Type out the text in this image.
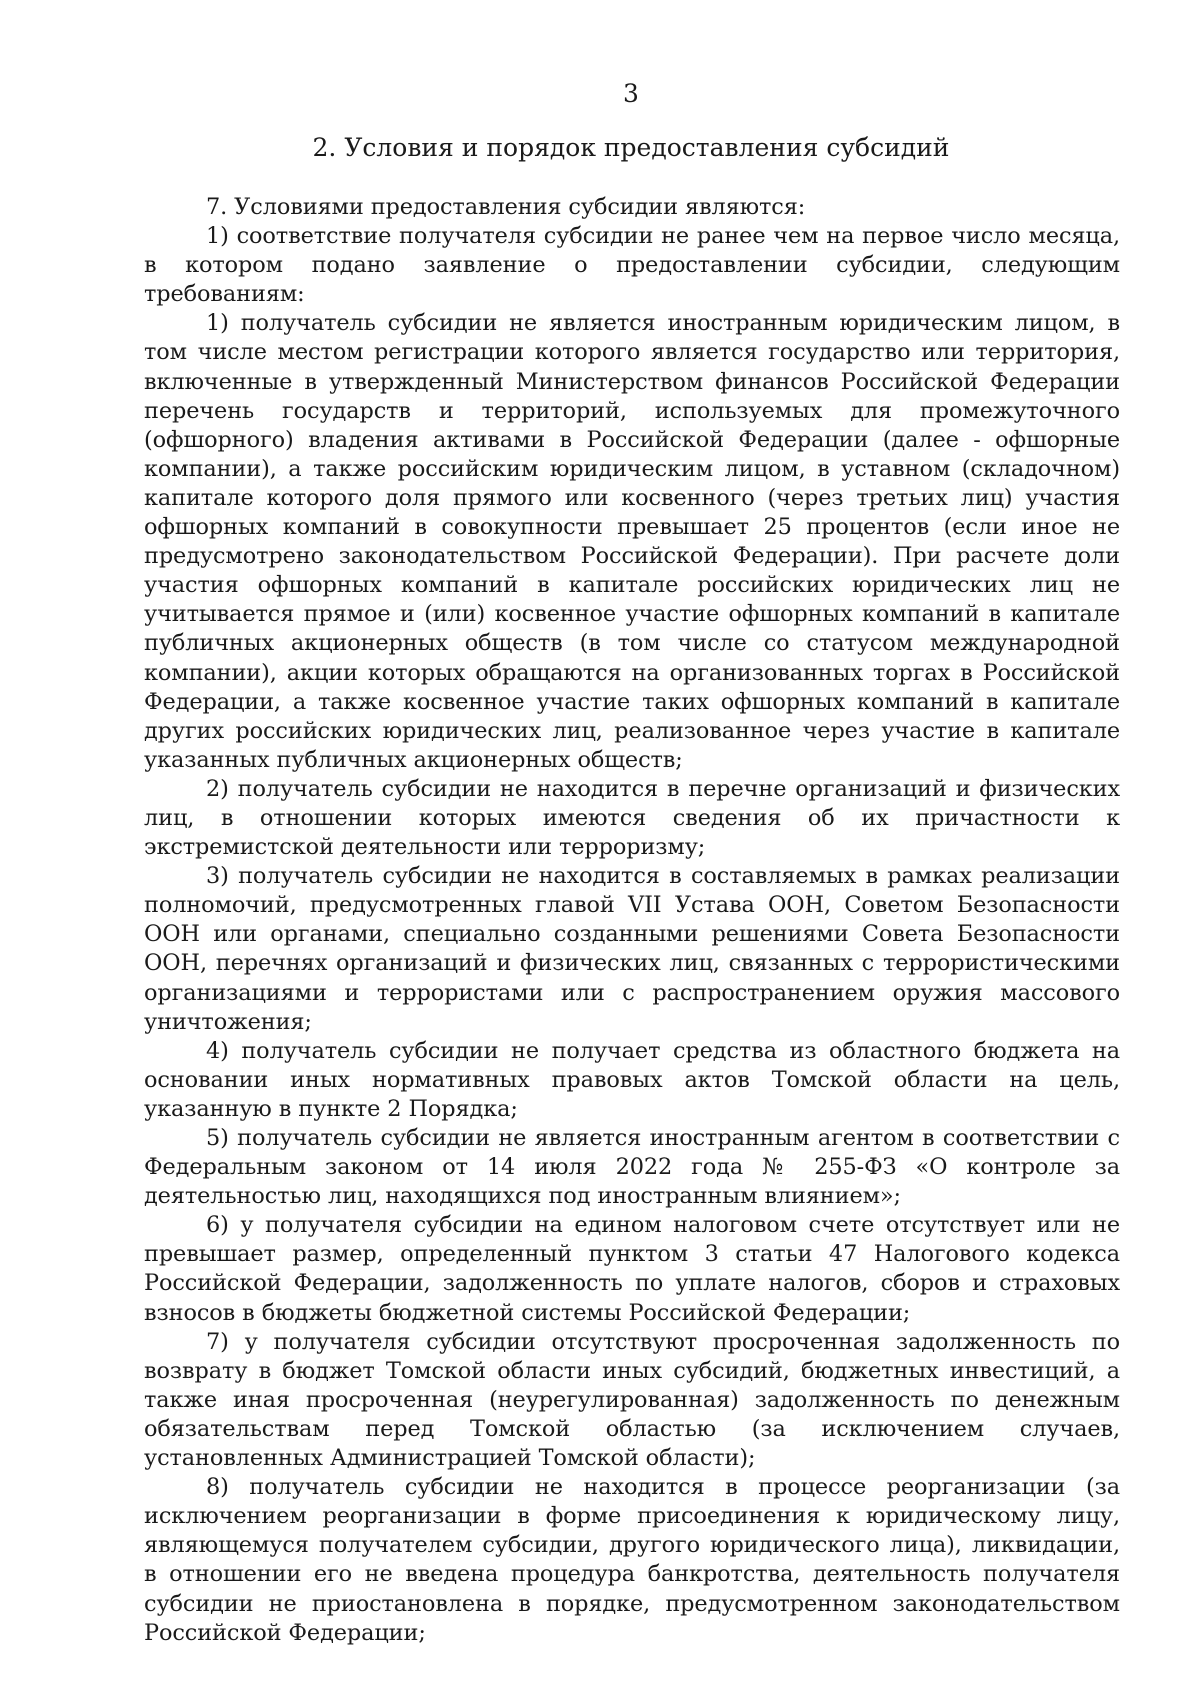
3
2. Условия и порядок предоставления субсидий

7. Условиями предоставления субсидии являются:

1) соответствие получателя субсидии не ранее чем на первое число месяца, в котором подано заявление о предоставлении субсидии, следующим требованиям:

1) получатель субсидии не является иностранным юридическим лицом, в том числе местом регистрации которого является государство или территория, включенные в утвержденный Министерством финансов Российской Федерации перечень государств и территорий, используемых для промежуточного (офшорного) владения активами в Российской Федерации (далее - офшорные компании), а также российским юридическим лицом, в уставном (складочном) капитале которого доля прямого или косвенного (через третьих лиц) участия офшорных компаний в совокупности превышает 25 процентов (если иное не предусмотрено законодательством Российской Федерации). При расчете доли участия офшорных компаний в капитале российских юридических лиц не учитывается прямое и (или) косвенное участие офшорных компаний в капитале публичных акционерных обществ (в том числе со статусом международной компании), акции которых обращаются на организованных торгах в Российской Федерации, а также косвенное участие таких офшорных компаний в капитале других российских юридических лиц, реализованное через участие в капитале указанных публичных акционерных обществ;

2) получатель субсидии не находится в перечне организаций и физических лиц, в отношении которых имеются сведения об их причастности к экстремистской деятельности или терроризму;

3) получатель субсидии не находится в составляемых в рамках реализации полномочий, предусмотренных главой VII Устава ООН, Советом Безопасности ООН или органами, специально созданными решениями Совета Безопасности ООН, перечнях организаций и физических лиц, связанных с террористическими организациями и террористами или с распространением оружия массового уничтожения;

4) получатель субсидии не получает средства из областного бюджета на основании иных нормативных правовых актов Томской области на цель, указанную в пункте 2 Порядка;

5) получатель субсидии не является иностранным агентом в соответствии с Федеральным законом от 14 июля 2022 года № 255-ФЗ «О контроле за деятельностью лиц, находящихся под иностранным влиянием»;

6) у получателя субсидии на едином налоговом счете отсутствует или не превышает размер, определенный пунктом 3 статьи 47 Налогового кодекса Российской Федерации, задолженность по уплате налогов, сборов и страховых взносов в бюджеты бюджетной системы Российской Федерации;

7) у получателя субсидии отсутствуют просроченная задолженность по возврату в бюджет Томской области иных субсидий, бюджетных инвестиций, а также иная просроченная (неурегулированная) задолженность по денежным обязательствам перед Томской областью (за исключением случаев, установленных Администрацией Томской области);

8) получатель субсидии не находится в процессе реорганизации (за исключением реорганизации в форме присоединения к юридическому лицу, являющемуся получателем субсидии, другого юридического лица), ликвидации, в отношении его не введена процедура банкротства, деятельность получателя субсидии не приостановлена в порядке, предусмотренном законодательством Российской Федерации;
